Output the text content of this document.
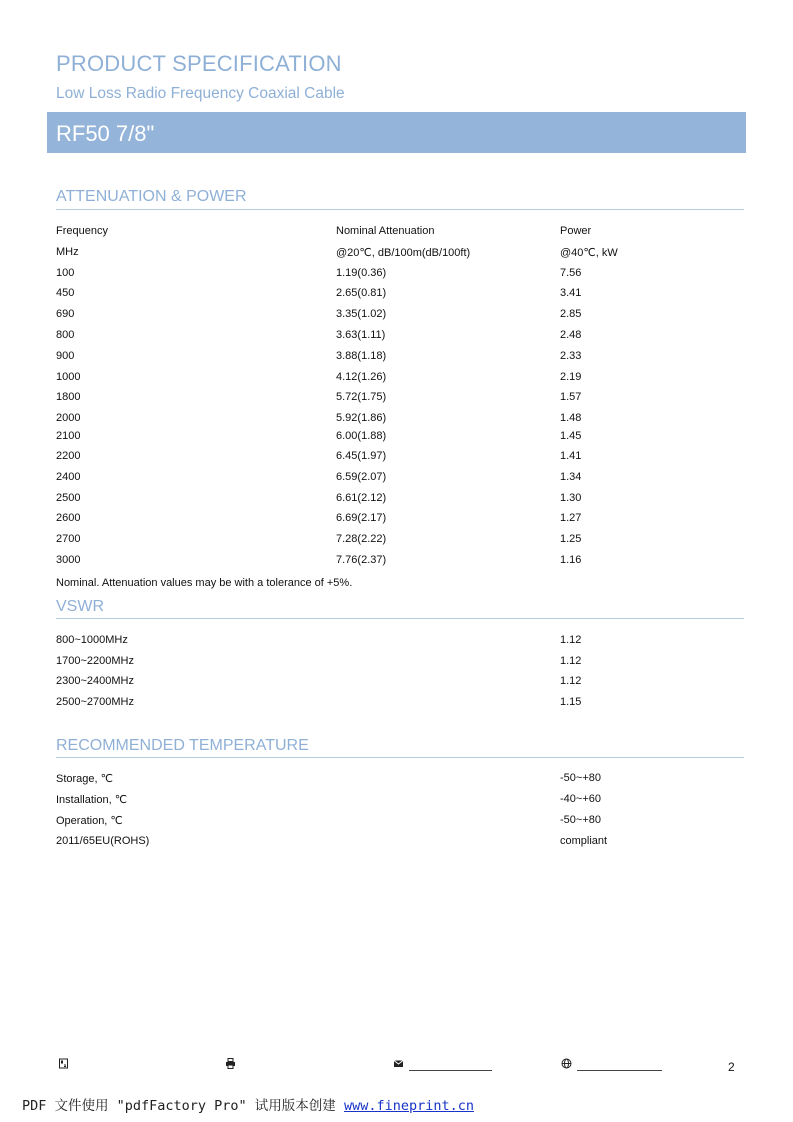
PRODUCT SPECIFICATION
Low Loss Radio Frequency Coaxial Cable
RF50 7/8"
ATTENUATION & POWER
Frequency	Nominal Attenuation	Power
MHz	@20℃, dB/100m(dB/100ft)	@40℃, kW
100	1.19(0.36)	7.56
450	2.65(0.81)	3.41
690	3.35(1.02)	2.85
800	3.63(1.11)	2.48
900	3.88(1.18)	2.33
1000	4.12(1.26)	2.19
1800	5.72(1.75)	1.57
2000	5.92(1.86)	1.48
2100	6.00(1.88)	1.45
2200	6.45(1.97)	1.41
2400	6.59(2.07)	1.34
2500	6.61(2.12)	1.30
2600	6.69(2.17)	1.27
2700	7.28(2.22)	1.25
3000	7.76(2.37)	1.16
Nominal. Attenuation values may be with a tolerance of +5%.
VSWR
800~1000MHz	1.12
1700~2200MHz	1.12
2300~2400MHz	1.12
2500~2700MHz	1.15
RECOMMENDED TEMPERATURE
Storage, ℃	-50~+80
Installation, ℃	-40~+60
Operation, ℃	-50~+80
2011/65EU(ROHS)	compliant
2
PDF 文件使用 "pdfFactory Pro" 试用版本创建 www.fineprint.cn
